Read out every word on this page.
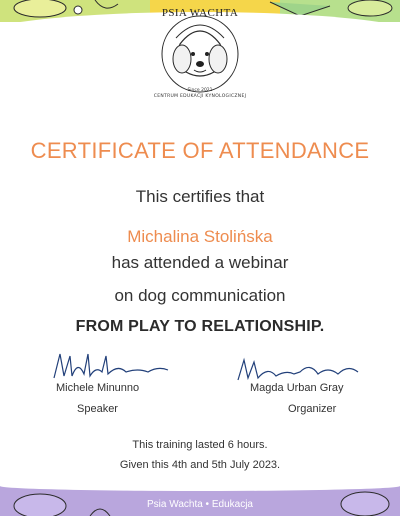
PSIA WACHTA
Since 2021
CENTRUM EDUKACJI KYNOLOGICZNEJ
CERTIFICATE OF ATTENDANCE
This certifies that
Michalina Stolińska
has attended a webinar
on dog communication
FROM PLAY TO RELATIONSHIP.
Michele Minunno
Speaker
Magda Urban Gray
Organizer
This training lasted 6 hours.
Given this 4th and 5th July 2023.
Psia Wachta • Edukacja
